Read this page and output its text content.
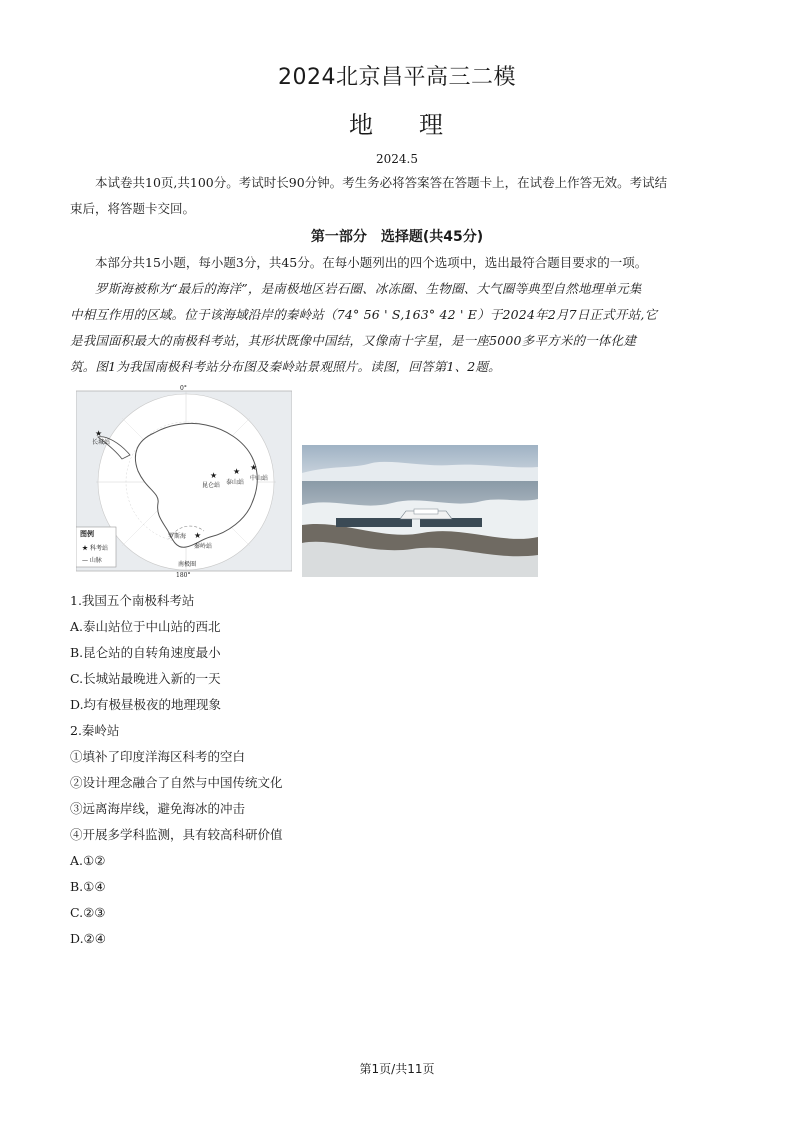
2024北京昌平高三二模
地 理
2024.5
本试卷共10页,共100分。考试时长90分钟。考生务必将答案答在答题卡上，在试卷上作答无效。考试结
束后，将答题卡交回。
第一部分　选择题(共45分)
本部分共15小题，每小题3分，共45分。在每小题列出的四个选项中，选出最符合题目要求的一项。
罗斯海被称为“最后的海洋”，是南极地区岩石圈、冰冻圈、生物圈、大气圈等典型自然地理单元集
中相互作用的区域。位于该海域沿岸的秦岭站（74° 56 ' S,163° 42 ' E）于2024年2月7日正式开站,它
是我国面积最大的南极科考站，其形状既像中国结，又像南十字星，是一座5000多平方米的一体化建
筑。图1为我国南极科考站分布图及秦岭站景观照片。读图，回答第1、2题。
0°
180°
★
长城站
★
昆仑站
★
泰山站
★
中山站
★
秦岭站
罗斯海
南极圈
图例
★ 科考站
— 山脉
1.我国五个南极科考站
A.泰山站位于中山站的西北
B.昆仑站的自转角速度最小
C.长城站最晚进入新的一天
D.均有极昼极夜的地理现象
2.秦岭站
①填补了印度洋海区科考的空白
②设计理念融合了自然与中国传统文化
③远离海岸线，避免海冰的冲击
④开展多学科监测，具有较高科研价值
A.①②
B.①④
C.②③
D.②④
第1页/共11页
